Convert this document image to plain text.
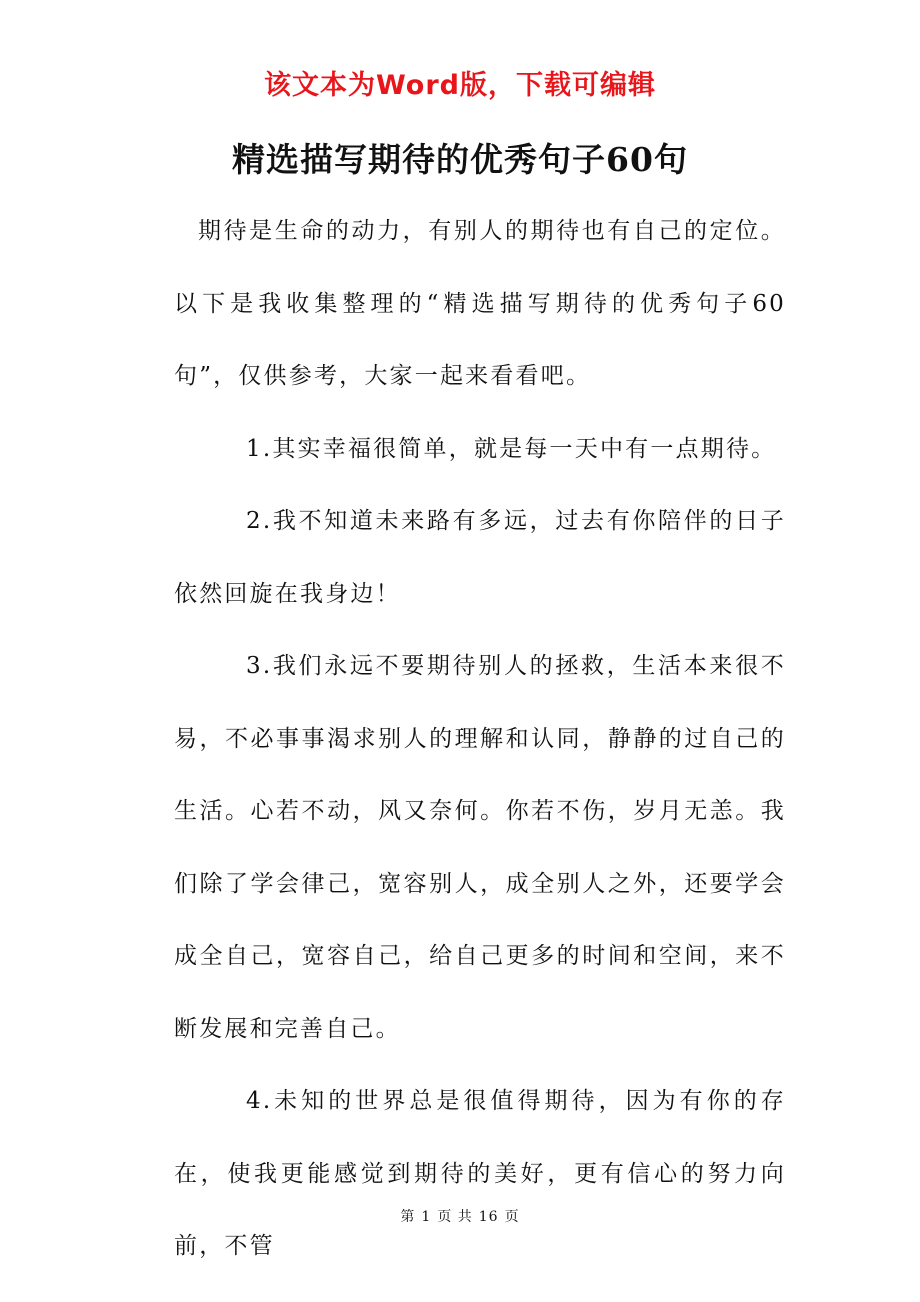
该文本为Word版，下载可编辑
精选描写期待的优秀句子60句

期待是生命的动力，有别人的期待也有自己的定位。以下是我收集整理的“精选描写期待的优秀句子60句”，仅供参考，大家一起来看看吧。

1.其实幸福很简单，就是每一天中有一点期待。

2.我不知道未来路有多远，过去有你陪伴的日子依然回旋在我身边！

3.我们永远不要期待别人的拯救，生活本来很不易，不必事事渴求别人的理解和认同，静静的过自己的生活。心若不动，风又奈何。你若不伤，岁月无恙。我们除了学会律己，宽容别人，成全别人之外，还要学会成全自己，宽容自己，给自己更多的时间和空间，来不断发展和完善自己。

4.未知的世界总是很值得期待，因为有你的存在，使我更能感觉到期待的美好，更有信心的努力向前，不管

第 1 页 共 16 页
